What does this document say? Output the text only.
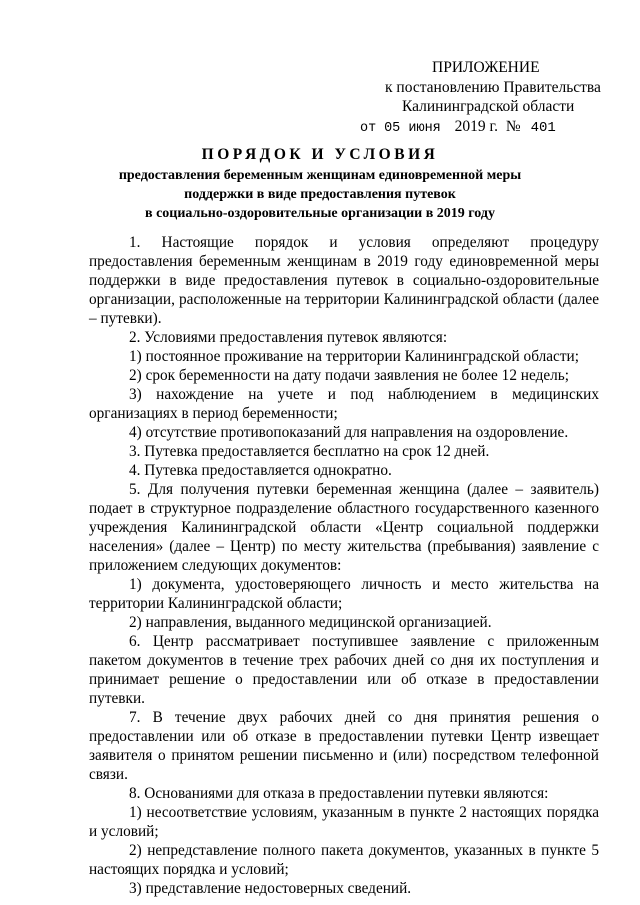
ПРИЛОЖЕНИЕ
к постановлению Правительства
Калининградской области
от 05 июня 2019 г. № 401
ПОРЯДОК И УСЛОВИЯ
предоставления беременным женщинам единовременной меры
поддержки в виде предоставления путевок
в социально-оздоровительные организации в 2019 году

1. Настоящие порядок и условия определяют процедуру предоставления беременным женщинам в 2019 году единовременной меры поддержки в виде предоставления путевок в социально-оздоровительные организации, расположенные на территории Калининградской области (далее – путевки).

2. Условиями предоставления путевок являются:

1) постоянное проживание на территории Калининградской области;

2) срок беременности на дату подачи заявления не более 12 недель;

3) нахождение на учете и под наблюдением в медицинских организациях в период беременности;

4) отсутствие противопоказаний для направления на оздоровление.

3. Путевка предоставляется бесплатно на срок 12 дней.

4. Путевка предоставляется однократно.

5. Для получения путевки беременная женщина (далее – заявитель) подает в структурное подразделение областного государственного казенного учреждения Калининградской области «Центр социальной поддержки населения» (далее – Центр) по месту жительства (пребывания) заявление с приложением следующих документов:

1) документа, удостоверяющего личность и место жительства на территории Калининградской области;

2) направления, выданного медицинской организацией.

6. Центр рассматривает поступившее заявление с приложенным пакетом документов в течение трех рабочих дней со дня их поступления и принимает решение о предоставлении или об отказе в предоставлении путевки.

7. В течение двух рабочих дней со дня принятия решения о предоставлении или об отказе в предоставлении путевки Центр извещает заявителя о принятом решении письменно и (или) посредством телефонной связи.

8. Основаниями для отказа в предоставлении путевки являются:

1) несоответствие условиям, указанным в пункте 2 настоящих порядка и условий;

2) непредставление полного пакета документов, указанных в пункте 5 настоящих порядка и условий;

3) представление недостоверных сведений.
